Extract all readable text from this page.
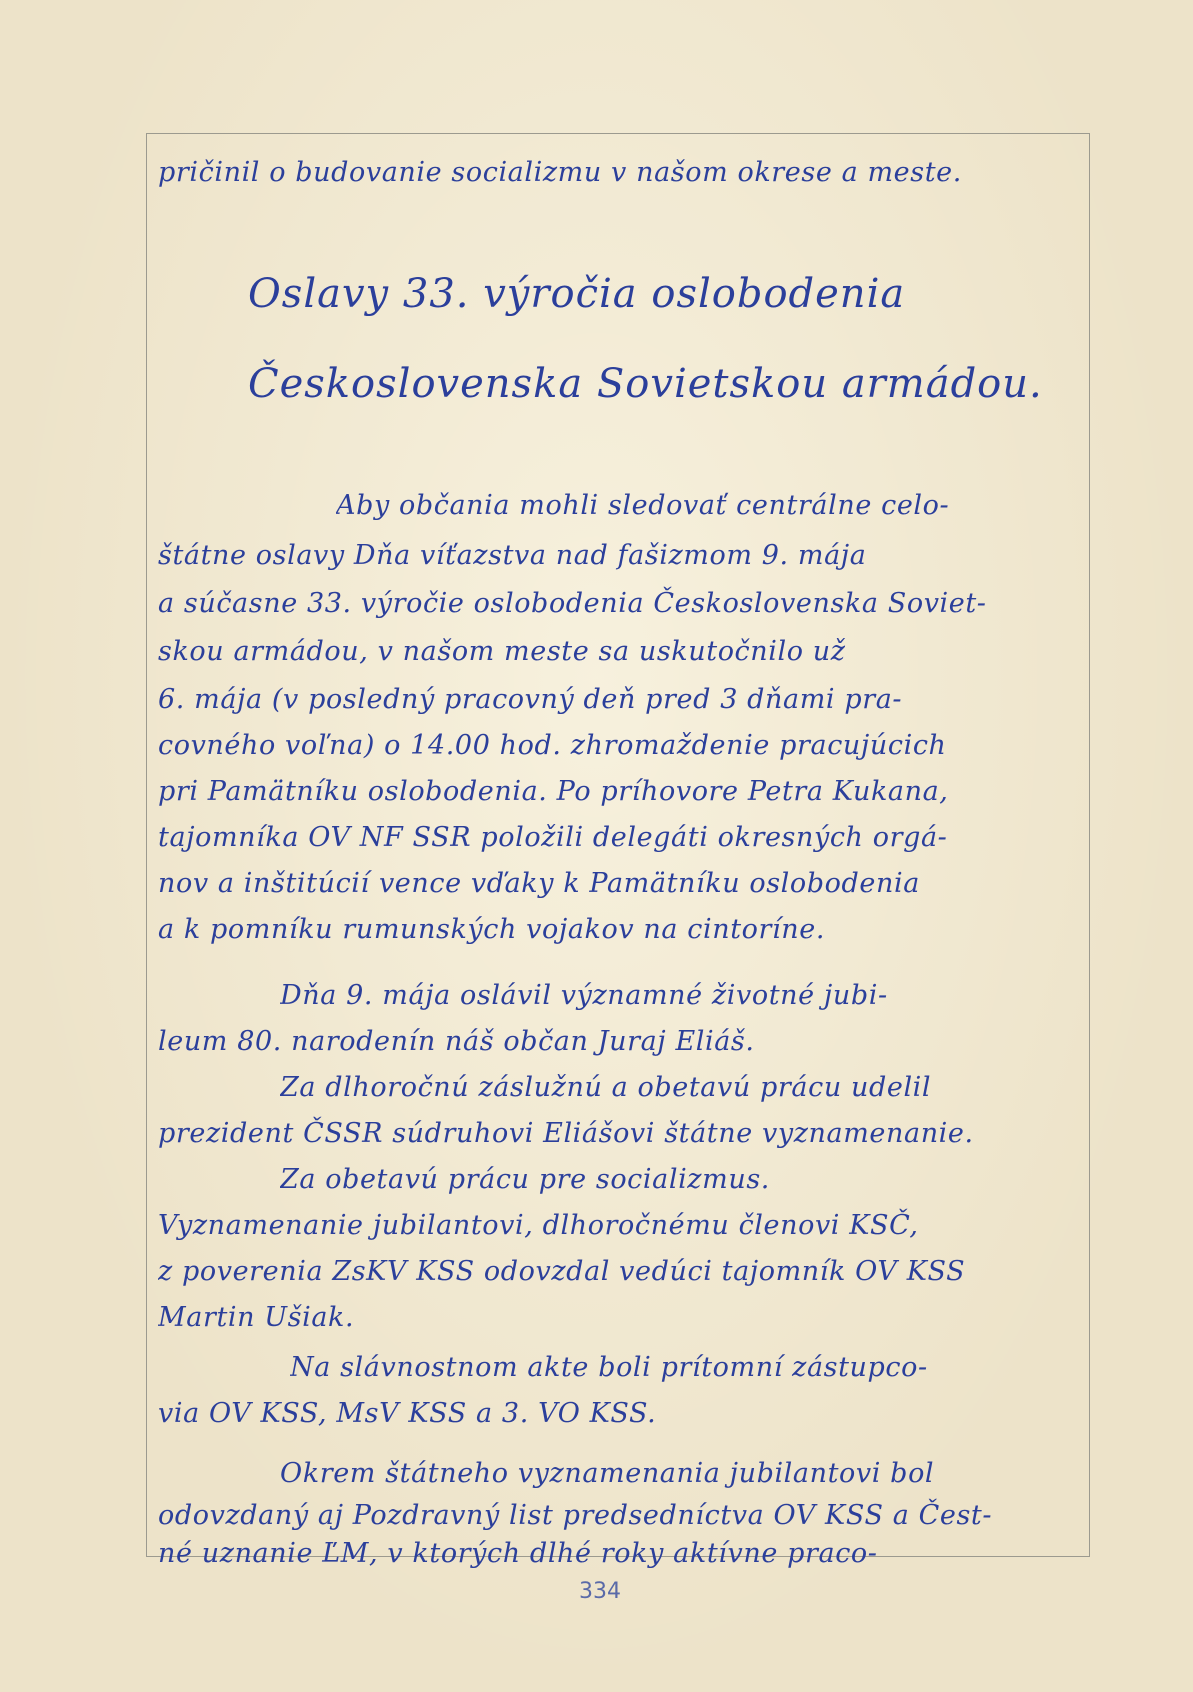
pričinil o budovanie socializmu v našom okrese a meste.

Oslavy 33. výročia oslobodenia

Československa Sovietskou armádou.

Aby občania mohli sledovať centrálne celo-

štátne oslavy Dňa víťazstva nad fašizmom 9. mája

a súčasne 33. výročie oslobodenia Československa Soviet-

skou armádou, v našom meste sa uskutočnilo už

6. mája (v posledný pracovný deň pred 3 dňami pra-

covného voľna) o 14.00 hod. zhromaždenie pracujúcich

pri Pamätníku oslobodenia. Po príhovore Petra Kukana,

tajomníka OV NF SSR položili delegáti okresných orgá-

nov a inštitúcií vence vďaky k Pamätníku oslobodenia

a k pomníku rumunských vojakov na cintoríne.

Dňa 9. mája oslávil významné životné jubi-

leum 80. narodenín náš občan Juraj Eliáš.

Za dlhoročnú záslužnú a obetavú prácu udelil

prezident ČSSR súdruhovi Eliášovi štátne vyznamenanie.

Za obetavú prácu pre socializmus.

Vyznamenanie jubilantovi, dlhoročnému členovi KSČ,

z poverenia ZsKV KSS odovzdal vedúci tajomník OV KSS

Martin Ušiak.

Na slávnostnom akte boli prítomní zástupco-

via OV KSS, MsV KSS a 3. VO KSS.

Okrem štátneho vyznamenania jubilantovi bol

odovzdaný aj Pozdravný list predsedníctva OV KSS a Čest-

né uznanie ĽM, v ktorých dlhé roky aktívne praco-

334
